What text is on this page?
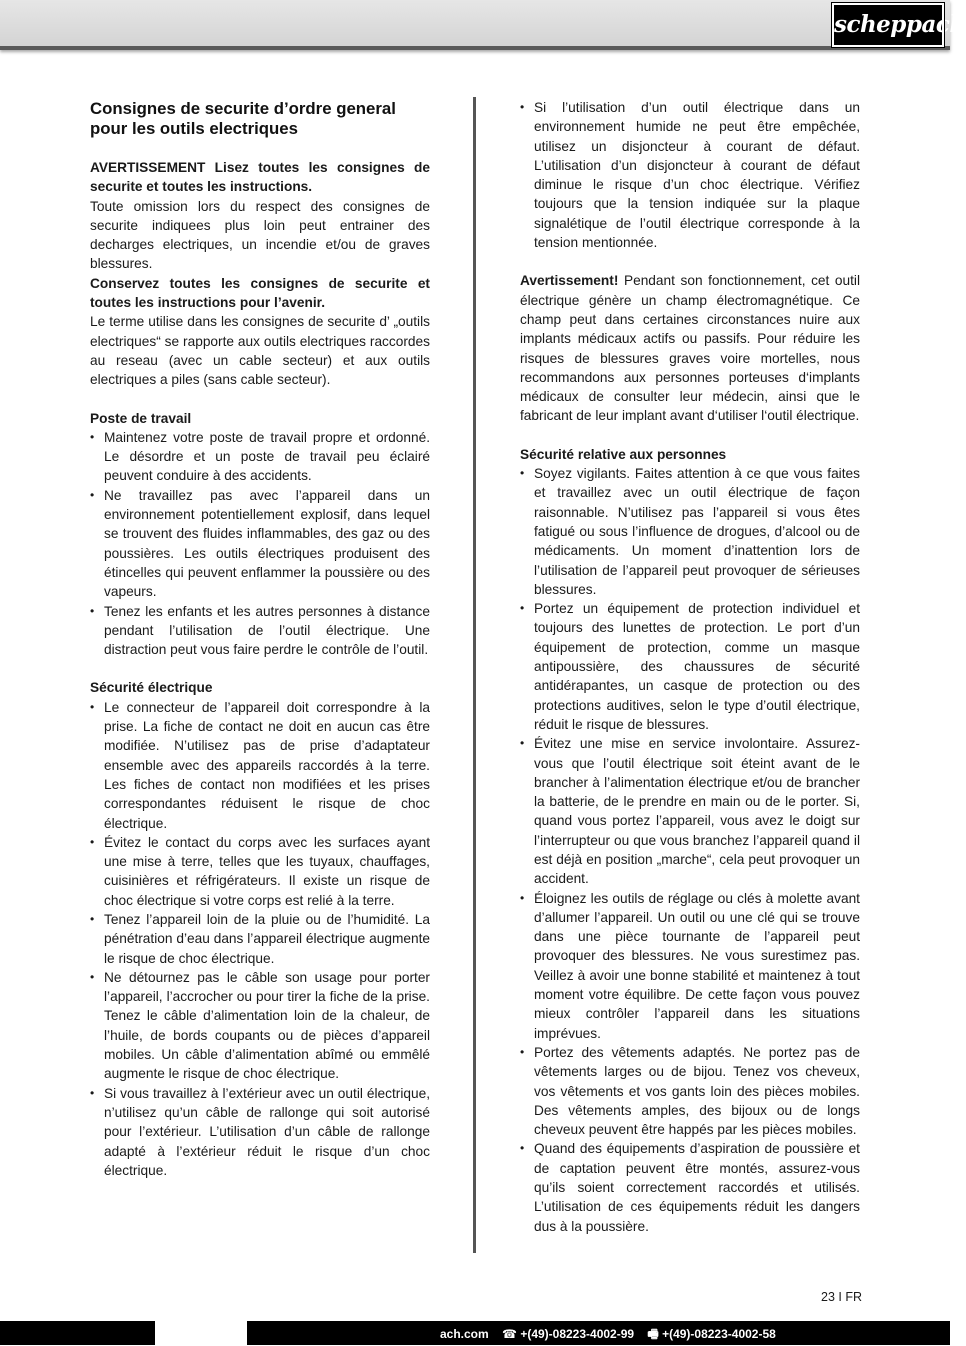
scheppach
Consignes de securite d’ordre general pour les outils electriques

AVERTISSEMENT Lisez toutes les consignes de securite et toutes les instructions.

Toute omission lors du respect des consignes de securite indiquees plus loin peut entrainer des decharges electriques, un incendie et/ou de graves blessures.

Conservez toutes les consignes de securite et toutes les instructions pour l’avenir.

Le terme utilise dans les consignes de securite d’ „outils electriques“ se rapporte aux outils electriques raccordes au reseau (avec un cable secteur) et aux outils electriques a piles (sans cable secteur).

Poste de travail
• Maintenez votre poste de travail propre et ordonné. Le désordre et un poste de travail peu éclairé peuvent conduire à des accidents.
• Ne travaillez pas avec l’appareil dans un environnement potentiellement explosif, dans lequel se trouvent des fluides inflammables, des gaz ou des poussières. Les outils électriques produisent des étincelles qui peuvent enflammer la poussière ou des vapeurs.
• Tenez les enfants et les autres personnes à distance pendant l’utilisation de l’outil électrique. Une distraction peut vous faire perdre le contrôle de l’outil.
Sécurité électrique
• Le connecteur de l’appareil doit correspondre à la prise. La fiche de contact ne doit en aucun cas être modifiée. N’utilisez pas de prise d’adaptateur ensemble avec des appareils raccordés à la terre. Les fiches de contact non modifiées et les prises correspondantes réduisent le risque de choc électrique.
• Évitez le contact du corps avec les surfaces ayant une mise à terre, telles que les tuyaux, chauffages, cuisinières et réfrigérateurs. Il existe un risque de choc électrique si votre corps est relié à la terre.
• Tenez l’appareil loin de la pluie ou de l’humidité. La pénétration d’eau dans l’appareil électrique augmente le risque de choc électrique.
• Ne détournez pas le câble son usage pour porter l’appareil, l’accrocher ou pour tirer la fiche de la prise. Tenez le câble d’alimentation loin de la chaleur, de l’huile, de bords coupants ou de pièces d’appareil mobiles. Un câble d’alimentation abîmé ou emmêlé augmente le risque de choc électrique.
• Si vous travaillez à l’extérieur avec un outil électrique, n’utilisez qu’un câble de rallonge qui soit autorisé pour l’extérieur. L’utilisation d’un câble de rallonge adapté à l’extérieur réduit le risque d’un choc électrique.
• Si l’utilisation d’un outil électrique dans un environnement humide ne peut être empêchée, utilisez un disjoncteur à courant de défaut. L’utilisation d’un disjoncteur à courant de défaut diminue le risque d’un choc électrique. Vérifiez toujours que la tension indiquée sur la plaque signalétique de l’outil électrique corresponde à la tension mentionnée.

Avertissement! Pendant son fonctionnement, cet outil électrique génère un champ électromagnétique. Ce champ peut dans certaines circonstances nuire aux implants médicaux actifs ou passifs. Pour réduire les risques de blessures graves voire mortelles, nous recommandons aux personnes porteuses d‘implants médicaux de consulter leur médecin, ainsi que le fabricant de leur implant avant d‘utiliser l‘outil électrique.

Sécurité relative aux personnes
• Soyez vigilants. Faites attention à ce que vous faites et travaillez avec un outil électrique de façon raisonnable. N’utilisez pas l’appareil si vous êtes fatigué ou sous l’influence de drogues, d’alcool ou de médicaments. Un moment d’inattention lors de l’utilisation de l’appareil peut provoquer de sérieuses blessures.
• Portez un équipement de protection individuel et toujours des lunettes de protection. Le port d’un équipement de protection, comme un masque antipoussière, des chaussures de sécurité antidérapantes, un casque de protection ou des protections auditives, selon le type d’outil électrique, réduit le risque de blessures.
• Évitez une mise en service involontaire. Assurez-vous que l’outil électrique soit éteint avant de le brancher à l’alimentation électrique et/ou de brancher la batterie, de le prendre en main ou de le porter. Si, quand vous portez l’appareil, vous avez le doigt sur l’interrupteur ou que vous branchez l’appareil quand il est déjà en position „marche“, cela peut provoquer un accident.
• Éloignez les outils de réglage ou clés à molette avant d’allumer l’appareil. Un outil ou une clé qui se trouve dans une pièce tournante de l’appareil peut provoquer des blessures. Ne vous surestimez pas. Veillez à avoir une bonne stabilité et maintenez à tout moment votre équilibre. De cette façon vous pouvez mieux contrôler l’appareil dans les situations imprévues.
• Portez des vêtements adaptés. Ne portez pas de vêtements larges ou de bijou. Tenez vos cheveux, vos vêtements et vos gants loin des pièces mobiles. Des vêtements amples, des bijoux ou de longs cheveux peuvent être happés par les pièces mobiles.
• Quand des équipements d’aspiration de poussière et de captation peuvent être montés, assurez-vous qu’ils soient correctement raccordés et utilisés. L’utilisation de ces équipements réduit les dangers dus à la poussière.
23 I FR
ach.com ☎ +(49)-08223-4002-99 🖷 +(49)-08223-4002-58
